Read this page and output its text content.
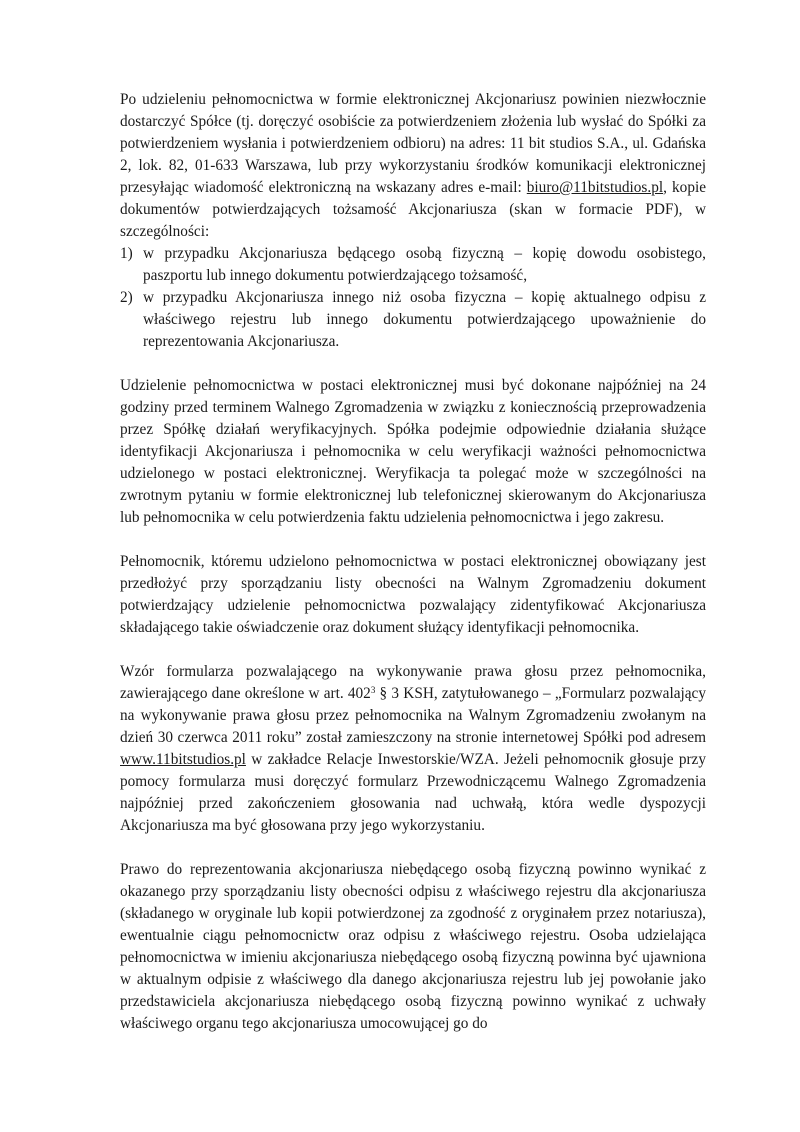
Po udzieleniu pełnomocnictwa w formie elektronicznej Akcjonariusz powinien niezwłocznie dostarczyć Spółce (tj. doręczyć osobiście za potwierdzeniem złożenia lub wysłać do Spółki za potwierdzeniem wysłania i potwierdzeniem odbioru) na adres: 11 bit studios S.A., ul. Gdańska 2, lok. 82, 01-633 Warszawa, lub przy wykorzystaniu środków komunikacji elektronicznej przesyłając wiadomość elektroniczną na wskazany adres e-mail: biuro@11bitstudios.pl, kopie dokumentów potwierdzających tożsamość Akcjonariusza (skan w formacie PDF), w szczególności:

1) w przypadku Akcjonariusza będącego osobą fizyczną – kopię dowodu osobistego, paszportu lub innego dokumentu potwierdzającego tożsamość,
2) w przypadku Akcjonariusza innego niż osoba fizyczna – kopię aktualnego odpisu z właściwego rejestru lub innego dokumentu potwierdzającego upoważnienie do reprezentowania Akcjonariusza.

Udzielenie pełnomocnictwa w postaci elektronicznej musi być dokonane najpóźniej na 24 godziny przed terminem Walnego Zgromadzenia w związku z koniecznością przeprowadzenia przez Spółkę działań weryfikacyjnych. Spółka podejmie odpowiednie działania służące identyfikacji Akcjonariusza i pełnomocnika w celu weryfikacji ważności pełnomocnictwa udzielonego w postaci elektronicznej. Weryfikacja ta polegać może w szczególności na zwrotnym pytaniu w formie elektronicznej lub telefonicznej skierowanym do Akcjonariusza lub pełnomocnika w celu potwierdzenia faktu udzielenia pełnomocnictwa i jego zakresu.

Pełnomocnik, któremu udzielono pełnomocnictwa w postaci elektronicznej obowiązany jest przedłożyć przy sporządzaniu listy obecności na Walnym Zgromadzeniu dokument potwierdzający udzielenie pełnomocnictwa pozwalający zidentyfikować Akcjonariusza składającego takie oświadczenie oraz dokument służący identyfikacji pełnomocnika.

Wzór formularza pozwalającego na wykonywanie prawa głosu przez pełnomocnika, zawierającego dane określone w art. $402^3$ § 3 KSH, zatytułowanego – „Formularz pozwalający na wykonywanie prawa głosu przez pełnomocnika na Walnym Zgromadzeniu zwołanym na dzień 30 czerwca 2011 roku” został zamieszczony na stronie internetowej Spółki pod adresem www.11bitstudios.pl w zakładce Relacje Inwestorskie/WZA. Jeżeli pełnomocnik głosuje przy pomocy formularza musi doręczyć formularz Przewodniczącemu Walnego Zgromadzenia najpóźniej przed zakończeniem głosowania nad uchwałą, która wedle dyspozycji Akcjonariusza ma być głosowana przy jego wykorzystaniu.

Prawo do reprezentowania akcjonariusza niebędącego osobą fizyczną powinno wynikać z okazanego przy sporządzaniu listy obecności odpisu z właściwego rejestru dla akcjonariusza (składanego w oryginale lub kopii potwierdzonej za zgodność z oryginałem przez notariusza), ewentualnie ciągu pełnomocnictw oraz odpisu z właściwego rejestru. Osoba udzielająca pełnomocnictwa w imieniu akcjonariusza niebędącego osobą fizyczną powinna być ujawniona w aktualnym odpisie z właściwego dla danego akcjonariusza rejestru lub jej powołanie jako przedstawiciela akcjonariusza niebędącego osobą fizyczną powinno wynikać z uchwały właściwego organu tego akcjonariusza umocowującej go do
